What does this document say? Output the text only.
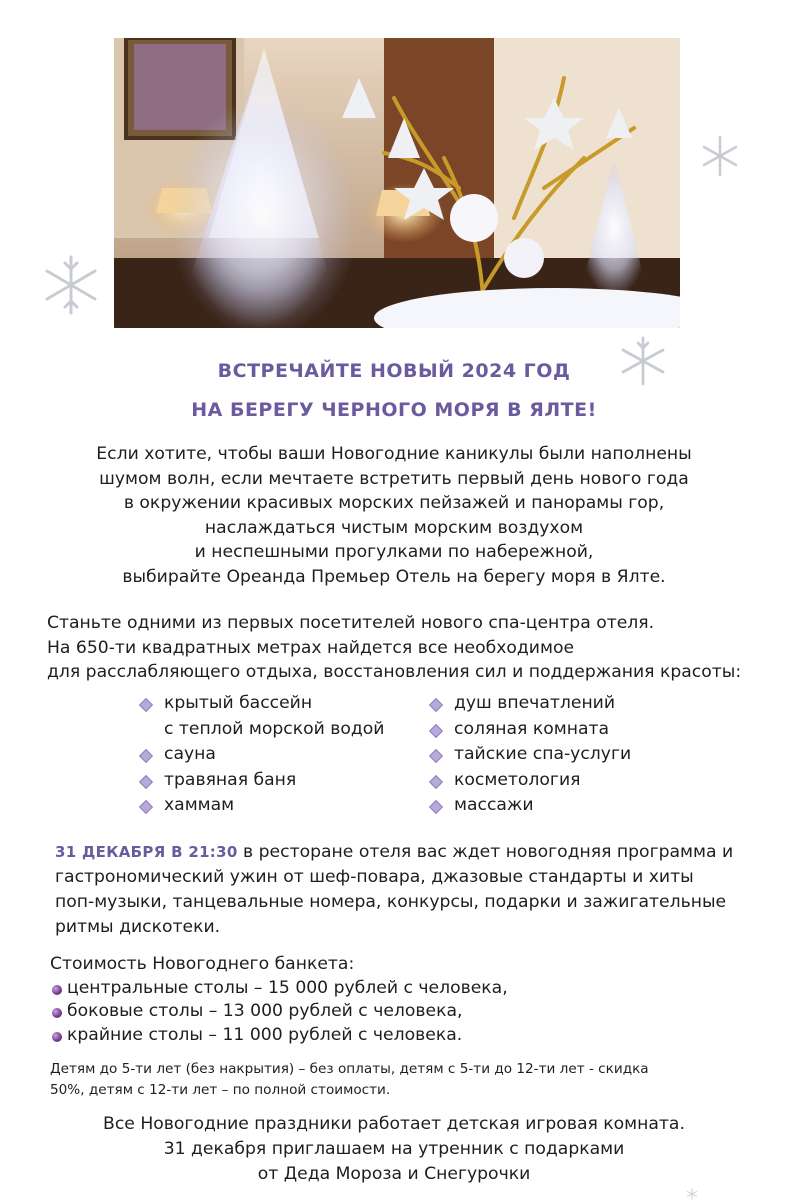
ВСТРЕЧАЙТЕ НОВЫЙ 2024 ГОД
НА БЕРЕГУ ЧЕРНОГО МОРЯ В ЯЛТЕ!
Если хотите, чтобы ваши Новогодние каникулы были наполнены
шумом волн, если мечтаете встретить первый день нового года
в окружении красивых морских пейзажей и панорамы гор,
наслаждаться чистым морским воздухом
и неспешными прогулками по набережной,
выбирайте Ореанда Премьер Отель на берегу моря в Ялте.
Станьте одними из первых посетителей нового спа-центра отеля.
На 650-ти квадратных метрах найдется все необходимое
для расслабляющего отдыха, восстановления сил и поддержания красоты:
крытый бассейн
с теплой морской водой
сауна
травяная баня
хаммам
душ впечатлений
соляная комната
тайские спа-услуги
косметология
массажи
31 ДЕКАБРЯ В 21:30 в ресторане отеля вас ждет новогодняя программа и
гастрономический ужин от шеф-повара, джазовые стандарты и хиты
поп-музыки, танцевальные номера, конкурсы, подарки и зажигательные
ритмы дискотеки.
Стоимость Новогоднего банкета:
центральные столы – 15 000 рублей с человека,
боковые столы – 13 000 рублей с человека,
крайние столы – 11 000 рублей с человека.
Детям до 5-ти лет (без накрытия) – без оплаты, детям с 5-ти до 12-ти лет - скидка
50%, детям с 12-ти лет – по полной стоимости.
Все Новогодние праздники работает детская игровая комната.
31 декабря приглашаем на утренник с подарками
от Деда Мороза и Снегурочки
